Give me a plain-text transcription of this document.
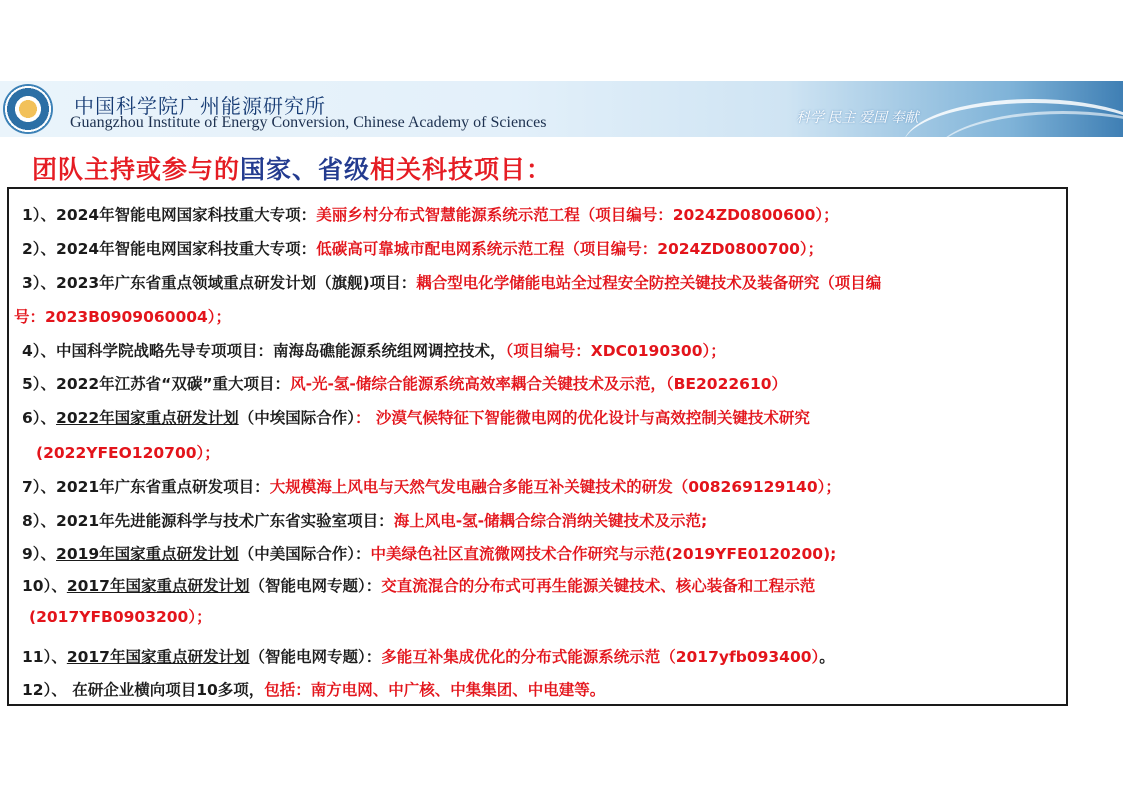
中国科学院广州能源研究所
Guangzhou Institute of Energy Conversion, Chinese Academy of Sciences	科学 民主 爱国 奉献
团队主持或参与的国家、省级相关科技项目：
1）、2024年智能电网国家科技重大专项：美丽乡村分布式智慧能源系统示范工程（项目编号：2024ZD0800600）；
2）、2024年智能电网国家科技重大专项：低碳高可靠城市配电网系统示范工程（项目编号：2024ZD0800700）；
3）、2023年广东省重点领域重点研发计划（旗舰)项目：耦合型电化学储能电站全过程安全防控关键技术及装备研究（项目编
号：2023B0909060004）；
4）、中国科学院战略先导专项项目：南海岛礁能源系统组网调控技术，（项目编号：XDC0190300）；
5）、2022年江苏省“双碳”重大项目：风-光-氢-储综合能源系统高效率耦合关键技术及示范，（BE2022610）
6）、2022年国家重点研发计划（中埃国际合作）： 沙漠气候特征下智能微电网的优化设计与高效控制关键技术研究
(2022YFEO120700）；
7）、2021年广东省重点研发项目：大规模海上风电与天然气发电融合多能互补关键技术的研发（008269129140）；
8）、2021年先进能源科学与技术广东省实验室项目：海上风电-氢-储耦合综合消纳关键技术及示范;
9）、2019年国家重点研发计划（中美国际合作）：中美绿色社区直流微网技术合作研究与示范(2019YFE0120200);
10）、2017年国家重点研发计划（智能电网专题）：交直流混合的分布式可再生能源关键技术、核心装备和工程示范
(2017YFB0903200）；
11）、2017年国家重点研发计划（智能电网专题）：多能互补集成优化的分布式能源系统示范（2017yfb093400）。
12）、 在研企业横向项目10多项，包括：南方电网、中广核、中集集团、中电建等。
